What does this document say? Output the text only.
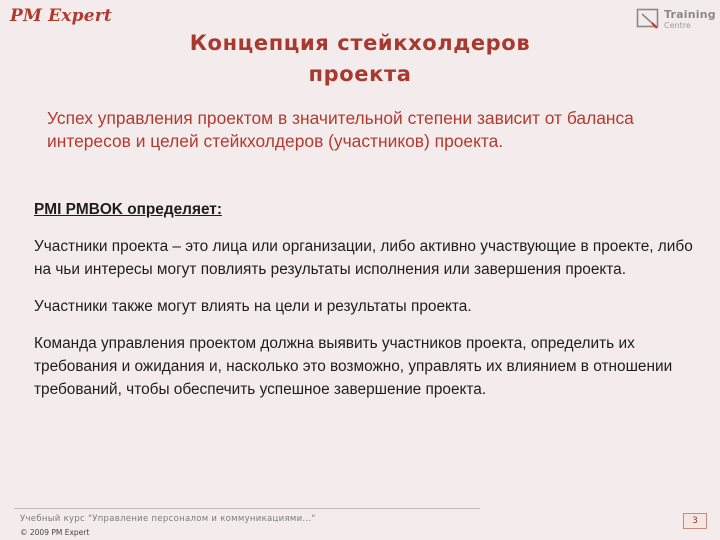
PM Expert	Training
Centre
Концепция стейкхолдеров
проекта
Успех управления проектом в значительной степени зависит от баланса интересов и целей стейкхолдеров (участников) проекта.
PMI PMBOK определяет:

Участники проекта – это лица или организации, либо активно участвующие в проекте, либо на чьи интересы могут повлиять результаты исполнения или завершения проекта.

Участники также могут влиять на цели и результаты проекта.

Команда управления проектом должна выявить участников проекта, определить их требования и ожидания и, насколько это возможно, управлять их влиянием в отношении требований, чтобы обеспечить успешное завершение проекта.

Учебный курс "Управление персоналом и коммуникациями..."
© 2009 PM Expert
3
